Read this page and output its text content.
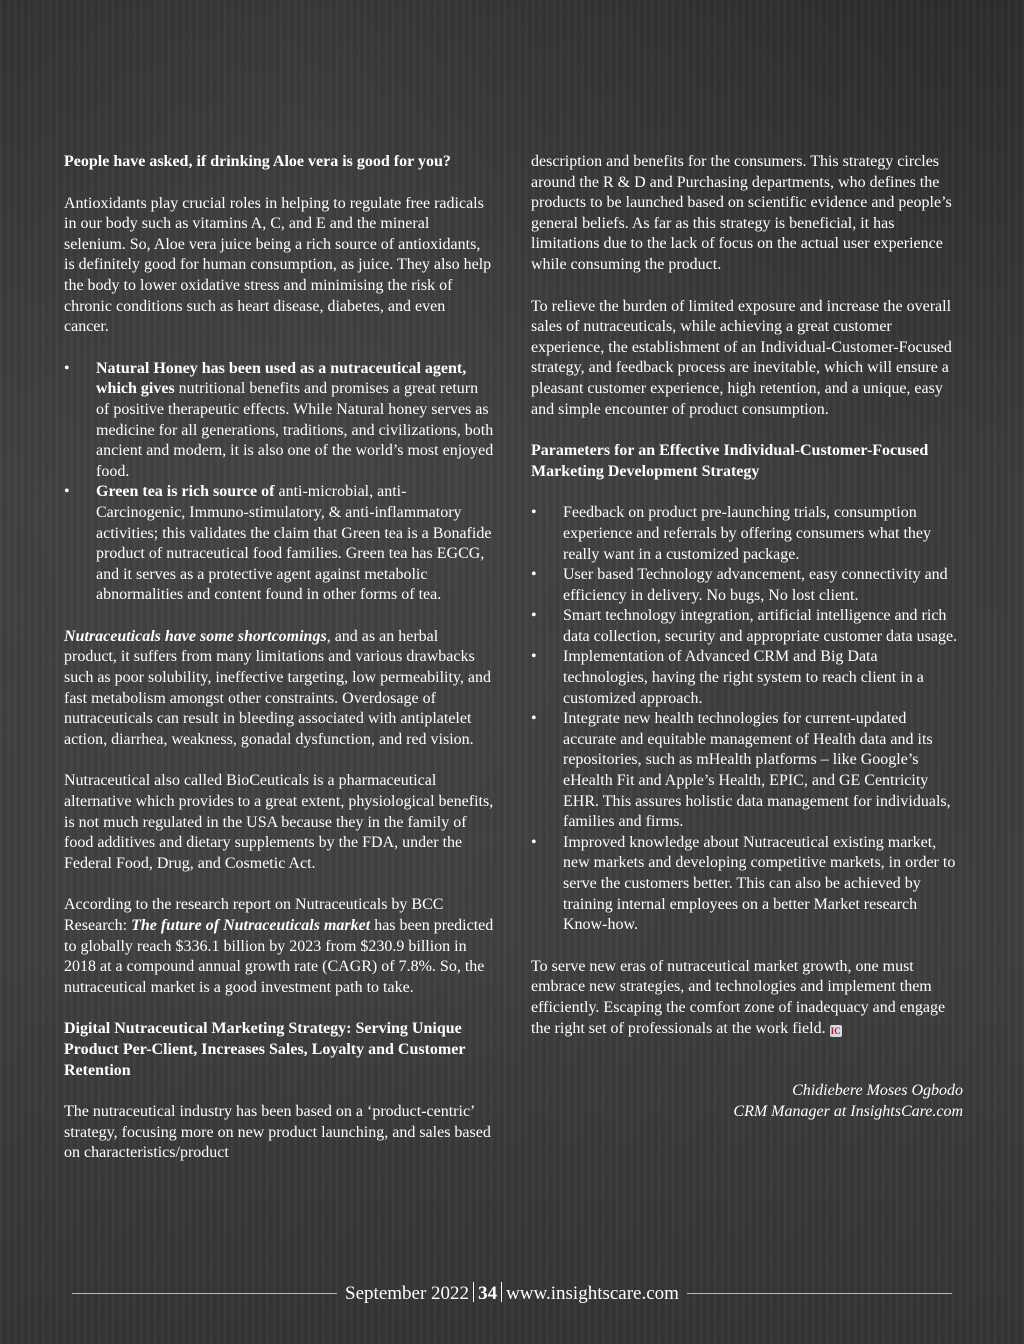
People have asked, if drinking Aloe vera is good for you?

Antioxidants play crucial roles in helping to regulate free radicals in our body such as vitamins A, C, and E and the mineral selenium. So, Aloe vera juice being a rich source of antioxidants, is definitely good for human consumption, as juice. They also help the body to lower oxidative stress and minimising the risk of chronic conditions such as heart disease, diabetes, and even cancer.

• Natural Honey has been used as a nutraceutical agent, which gives nutritional benefits and promises a great return of positive therapeutic effects. While Natural honey serves as medicine for all generations, traditions, and civilizations, both ancient and modern, it is also one of the world’s most enjoyed food.
• Green tea is rich source of anti-microbial, anti-Carcinogenic, Immuno-stimulatory, & anti-inflammatory activities; this validates the claim that Green tea is a Bonafide product of nutraceutical food families. Green tea has EGCG, and it serves as a protective agent against metabolic abnormalities and content found in other forms of tea.

Nutraceuticals have some shortcomings, and as an herbal product, it suffers from many limitations and various drawbacks such as poor solubility, ineffective targeting, low permeability, and fast metabolism amongst other constraints. Overdosage of nutraceuticals can result in bleeding associated with antiplatelet action, diarrhea, weakness, gonadal dysfunction, and red vision.

Nutraceutical also called BioCeuticals is a pharmaceutical alternative which provides to a great extent, physiological benefits, is not much regulated in the USA because they in the family of food additives and dietary supplements by the FDA, under the Federal Food, Drug, and Cosmetic Act.

According to the research report on Nutraceuticals by BCC Research: The future of Nutraceuticals market has been predicted to globally reach $336.1 billion by 2023 from $230.9 billion in 2018 at a compound annual growth rate (CAGR) of 7.8%. So, the nutraceutical market is a good investment path to take.

Digital Nutraceutical Marketing Strategy: Serving Unique Product Per-Client, Increases Sales, Loyalty and Customer Retention

The nutraceutical industry has been based on a ‘product-centric’ strategy, focusing more on new product launching, and sales based on characteristics/product

description and benefits for the consumers. This strategy circles around the R & D and Purchasing departments, who defines the products to be launched based on scientific evidence and people’s general beliefs. As far as this strategy is beneficial, it has limitations due to the lack of focus on the actual user experience while consuming the product.

To relieve the burden of limited exposure and increase the overall sales of nutraceuticals, while achieving a great customer experience, the establishment of an Individual-Customer-Focused strategy, and feedback process are inevitable, which will ensure a pleasant customer experience, high retention, and a unique, easy and simple encounter of product consumption.

Parameters for an Effective Individual-Customer-Focused Marketing Development Strategy

• Feedback on product pre-launching trials, consumption experience and referrals by offering consumers what they really want in a customized package.
• User based Technology advancement, easy connectivity and efficiency in delivery. No bugs, No lost client.
• Smart technology integration, artificial intelligence and rich data collection, security and appropriate customer data usage.
• Implementation of Advanced CRM and Big Data technologies, having the right system to reach client in a customized approach.
• Integrate new health technologies for current-updated accurate and equitable management of Health data and its repositories, such as mHealth platforms – like Google’s eHealth Fit and Apple’s Health, EPIC, and GE Centricity EHR. This assures holistic data management for individuals, families and firms.
• Improved knowledge about Nutraceutical existing market, new markets and developing competitive markets, in order to serve the customers better. This can also be achieved by training internal employees on a better Market research Know-how.

To serve new eras of nutraceutical market growth, one must embrace new strategies, and technologies and implement them efficiently. Escaping the comfort zone of inadequacy and engage the right set of professionals at the work field. IC

Chidiebere Moses Ogbodo
CRM Manager at InsightsCare.com
September 2022 34 www.insightscare.com
